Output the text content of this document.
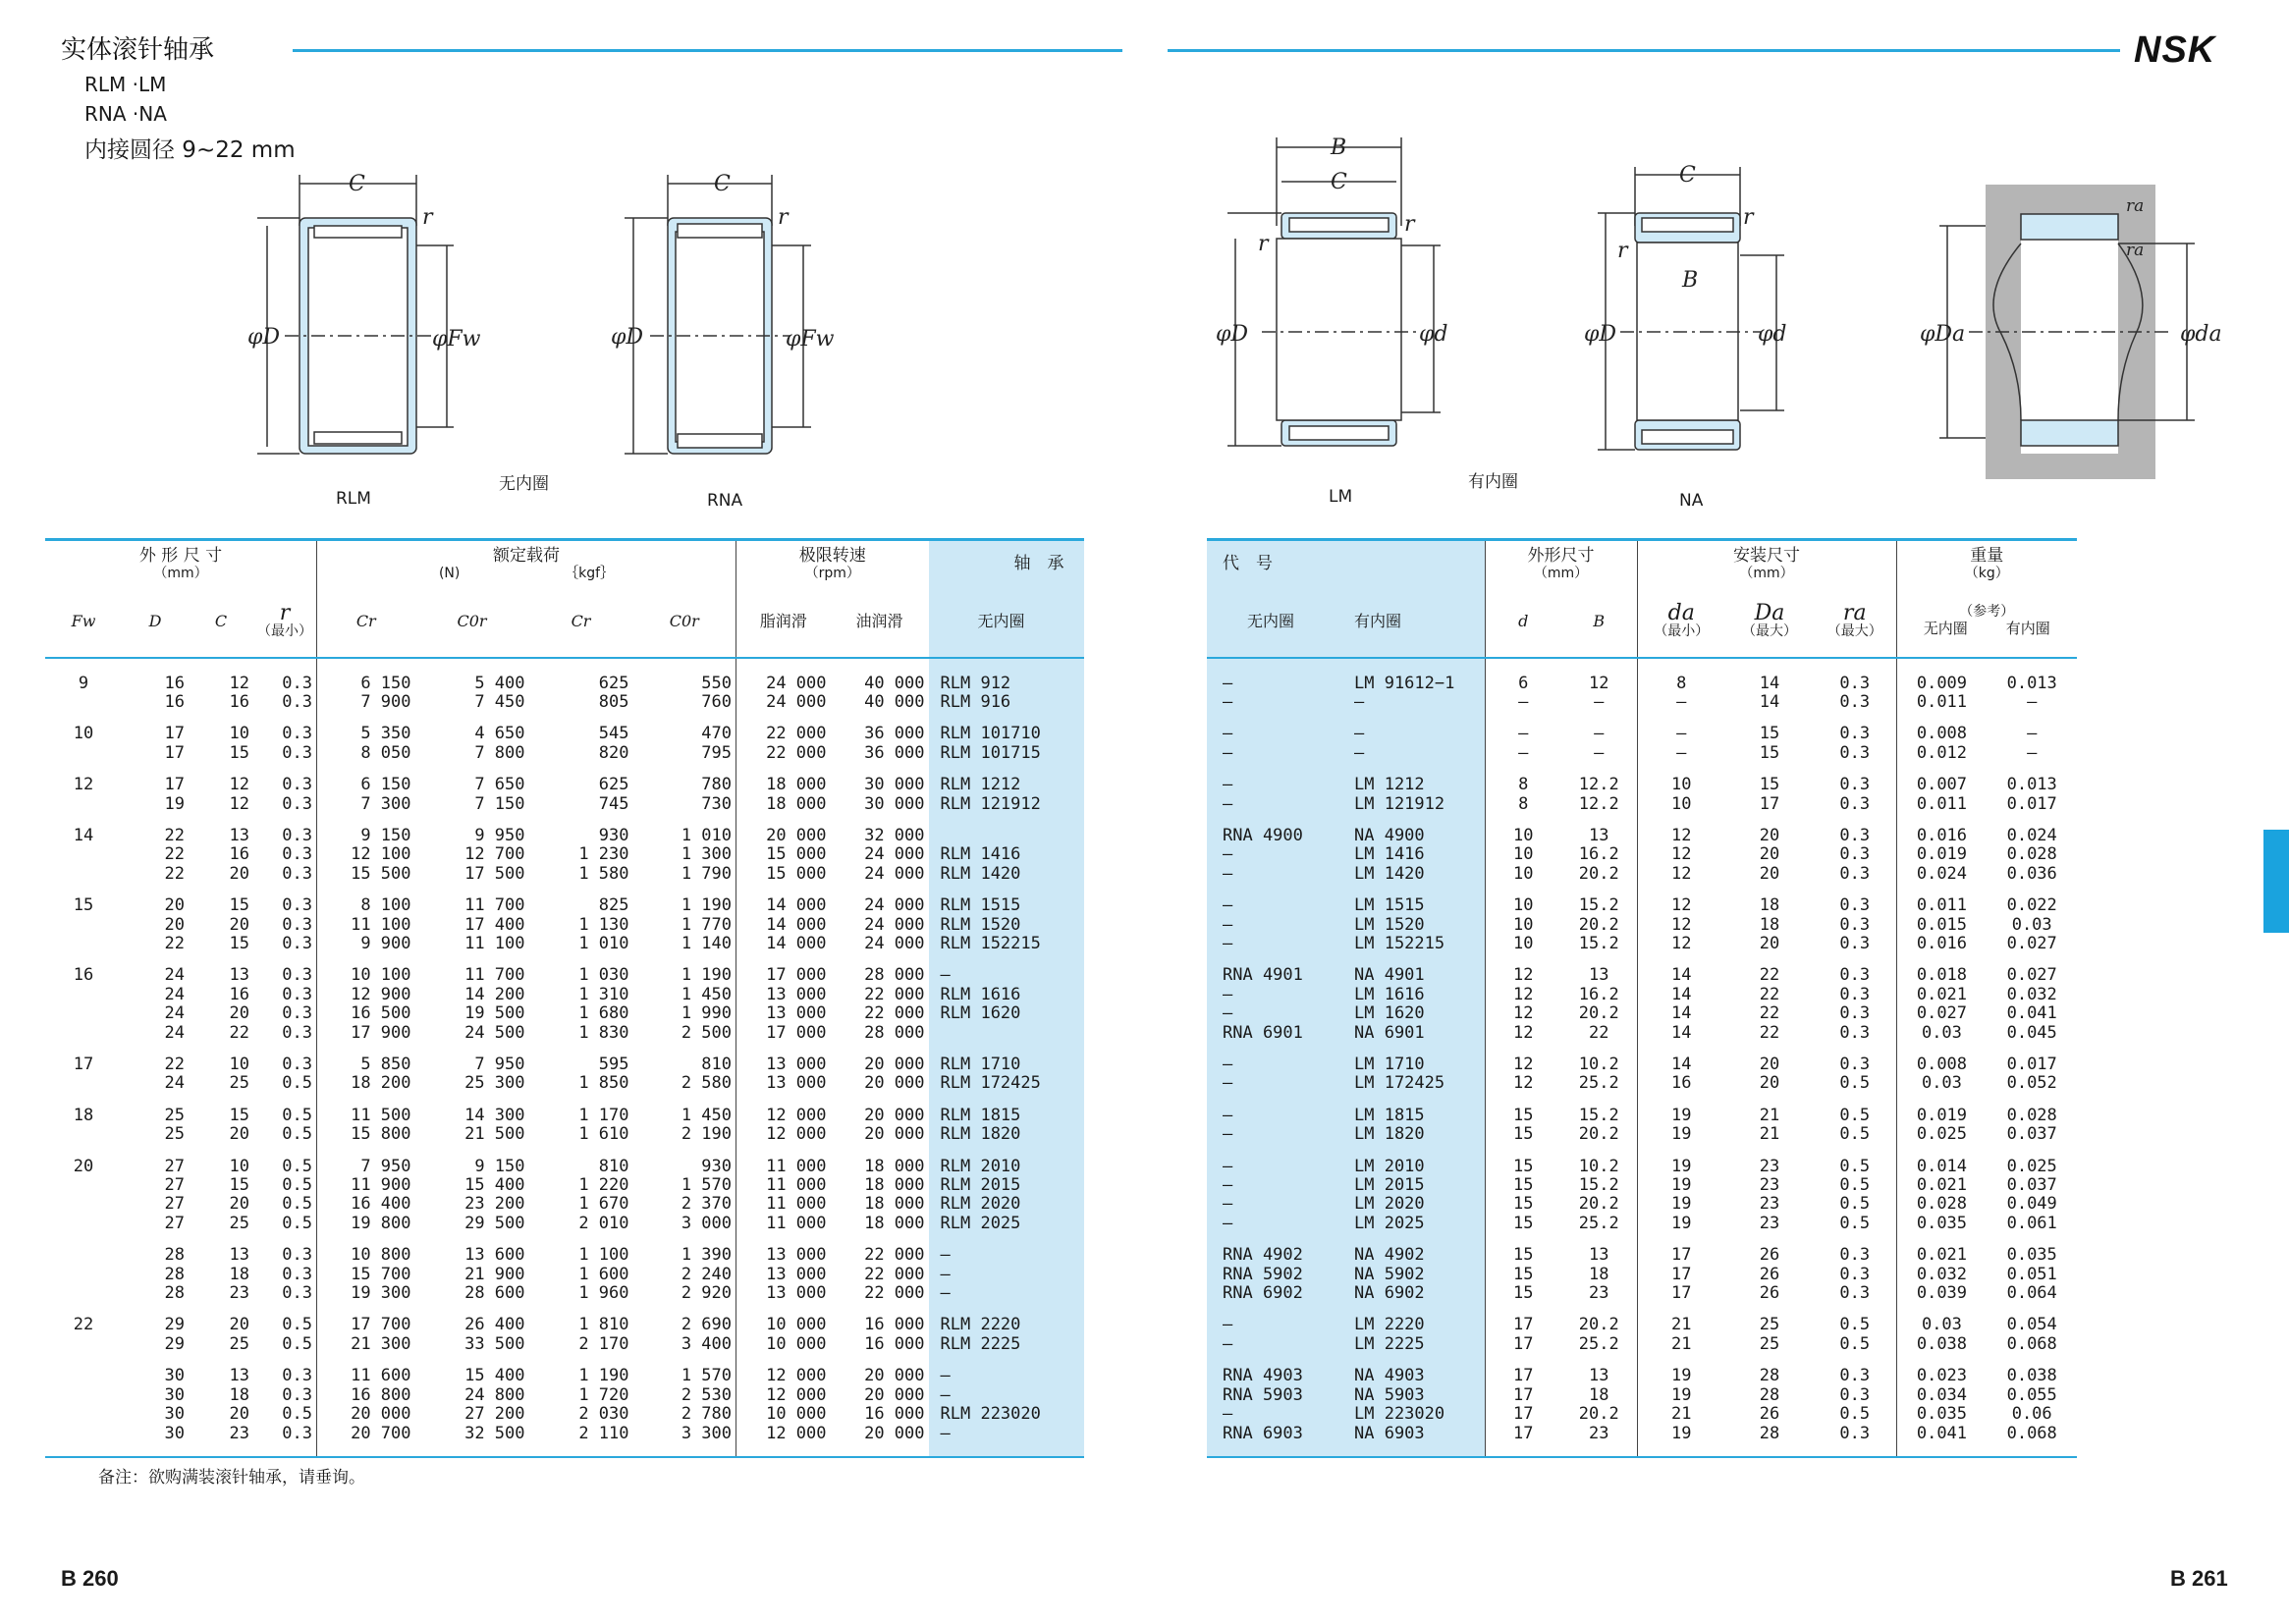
实体滚针轴承
RLM ·LM
RNA ·NA
内接圆径 9~22 mm
C
r
φD	φFw
C
r
φD	φFw
RLM
无内圈
RNA
外 形 尺 寸
（mm）				额定载荷
(N) ｛kgf｝				极限转速
（rpm）		轴　承
Fw	D	C	r
（最小）	Cr	C0r	Cr	C0r	脂润滑	油润滑	无内圈
9	16	12	0.3	6 150	5 400	625	550	24 000	40 000	RLM 912
	16	16	0.3	7 900	7 450	805	760	24 000	40 000	RLM 916
10	17	10	0.3	5 350	4 650	545	470	22 000	36 000	RLM 101710
	17	15	0.3	8 050	7 800	820	795	22 000	36 000	RLM 101715
12	17	12	0.3	6 150	7 650	625	780	18 000	30 000	RLM 1212
	19	12	0.3	7 300	7 150	745	730	18 000	30 000	RLM 121912
14	22	13	0.3	9 150	9 950	930	1 010	20 000	32 000	
	22	16	0.3	12 100	12 700	1 230	1 300	15 000	24 000	RLM 1416
	22	20	0.3	15 500	17 500	1 580	1 790	15 000	24 000	RLM 1420
15	20	15	0.3	8 100	11 700	825	1 190	14 000	24 000	RLM 1515
	20	20	0.3	11 100	17 400	1 130	1 770	14 000	24 000	RLM 1520
	22	15	0.3	9 900	11 100	1 010	1 140	14 000	24 000	RLM 152215
16	24	13	0.3	10 100	11 700	1 030	1 190	17 000	28 000	—
	24	16	0.3	12 900	14 200	1 310	1 450	13 000	22 000	RLM 1616
	24	20	0.3	16 500	19 500	1 680	1 990	13 000	22 000	RLM 1620
	24	22	0.3	17 900	24 500	1 830	2 500	17 000	28 000	
17	22	10	0.3	5 850	7 950	595	810	13 000	20 000	RLM 1710
	24	25	0.5	18 200	25 300	1 850	2 580	13 000	20 000	RLM 172425
18	25	15	0.5	11 500	14 300	1 170	1 450	12 000	20 000	RLM 1815
	25	20	0.5	15 800	21 500	1 610	2 190	12 000	20 000	RLM 1820
20	27	10	0.5	7 950	9 150	810	930	11 000	18 000	RLM 2010
	27	15	0.5	11 900	15 400	1 220	1 570	11 000	18 000	RLM 2015
	27	20	0.5	16 400	23 200	1 670	2 370	11 000	18 000	RLM 2020
	27	25	0.5	19 800	29 500	2 010	3 000	11 000	18 000	RLM 2025
	28	13	0.3	10 800	13 600	1 100	1 390	13 000	22 000	—
	28	18	0.3	15 700	21 900	1 600	2 240	13 000	22 000	—
	28	23	0.3	19 300	28 600	1 960	2 920	13 000	22 000	—
22	29	20	0.5	17 700	26 400	1 810	2 690	10 000	16 000	RLM 2220
	29	25	0.5	21 300	33 500	2 170	3 400	10 000	16 000	RLM 2225
	30	13	0.3	11 600	15 400	1 190	1 570	12 000	20 000	—
	30	18	0.3	16 800	24 800	1 720	2 530	12 000	20 000	—
	30	20	0.5	20 000	27 200	2 030	2 780	10 000	16 000	RLM 223020
	30	23	0.3	20 700	32 500	2 110	3 300	12 000	20 000	—

备注：欲购满装滚针轴承，请垂询。
B 260
NSK
B
C
r
r
φD	φd
C
r
r
B
φD	φd	φDa	φda
ra
ra
LM
有内圈
NA
代　号		外形尺寸
（mm）		安装尺寸
（mm）			重量
（kg）	

无内圈	有内圈	d	B	da
（最小）	Da
（最大）	ra
（最大）	（参考）
无内圈 有内圈	
—	LM 91612−1	6	12	8	14	0.3	0.009	0.013
—	—	—	—	—	14	0.3	0.011	—
—	—	—	—	—	15	0.3	0.008	—
—	—	—	—	—	15	0.3	0.012	—
—	LM 1212	8	12.2	10	15	0.3	0.007	0.013
—	LM 121912	8	12.2	10	17	0.3	0.011	0.017
RNA 4900	NA 4900	10	13	12	20	0.3	0.016	0.024
—	LM 1416	10	16.2	12	20	0.3	0.019	0.028
—	LM 1420	10	20.2	12	20	0.3	0.024	0.036
—	LM 1515	10	15.2	12	18	0.3	0.011	0.022
—	LM 1520	10	20.2	12	18	0.3	0.015	0.03
—	LM 152215	10	15.2	12	20	0.3	0.016	0.027
RNA 4901	NA 4901	12	13	14	22	0.3	0.018	0.027
—	LM 1616	12	16.2	14	22	0.3	0.021	0.032
—	LM 1620	12	20.2	14	22	0.3	0.027	0.041
RNA 6901	NA 6901	12	22	14	22	0.3	0.03	0.045
—	LM 1710	12	10.2	14	20	0.3	0.008	0.017
—	LM 172425	12	25.2	16	20	0.5	0.03	0.052
—	LM 1815	15	15.2	19	21	0.5	0.019	0.028
—	LM 1820	15	20.2	19	21	0.5	0.025	0.037
—	LM 2010	15	10.2	19	23	0.5	0.014	0.025
—	LM 2015	15	15.2	19	23	0.5	0.021	0.037
—	LM 2020	15	20.2	19	23	0.5	0.028	0.049
—	LM 2025	15	25.2	19	23	0.5	0.035	0.061
RNA 4902	NA 4902	15	13	17	26	0.3	0.021	0.035
RNA 5902	NA 5902	15	18	17	26	0.3	0.032	0.051
RNA 6902	NA 6902	15	23	17	26	0.3	0.039	0.064
—	LM 2220	17	20.2	21	25	0.5	0.03	0.054
—	LM 2225	17	25.2	21	25	0.5	0.038	0.068
RNA 4903	NA 4903	17	13	19	28	0.3	0.023	0.038
RNA 5903	NA 5903	17	18	19	28	0.3	0.034	0.055
—	LM 223020	17	20.2	21	26	0.5	0.035	0.06
RNA 6903	NA 6903	17	23	19	28	0.3	0.041	0.068

B 261
